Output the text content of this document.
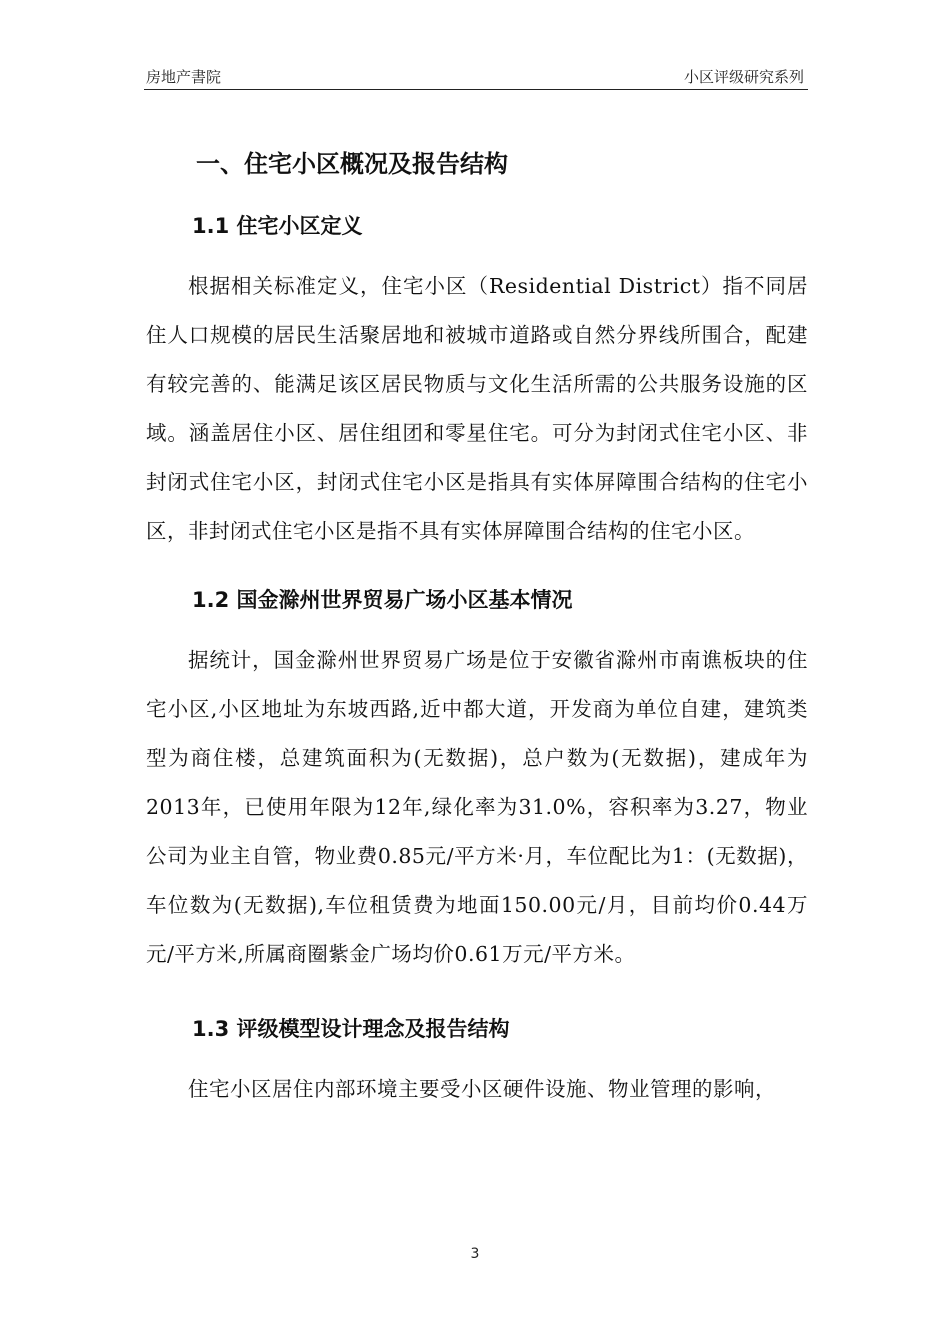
房地产書院	小区评级研究系列
一、住宅小区概况及报告结构
1.1 住宅小区定义

根据相关标准定义，住宅小区（Residential District）指不同居住人口规模的居民生活聚居地和被城市道路或自然分界线所围合，配建有较完善的、能满足该区居民物质与文化生活所需的公共服务设施的区域。涵盖居住小区、居住组团和零星住宅。可分为封闭式住宅小区、非封闭式住宅小区，封闭式住宅小区是指具有实体屏障围合结构的住宅小区，非封闭式住宅小区是指不具有实体屏障围合结构的住宅小区。

1.2 国金滁州世界贸易广场小区基本情况

据统计，国金滁州世界贸易广场是位于安徽省滁州市南谯板块的住宅小区,小区地址为东坡西路,近中都大道，开发商为单位自建，建筑类型为商住楼，总建筑面积为(无数据)，总户数为(无数据)，建成年为2013年，已使用年限为12年,绿化率为31.0%，容积率为3.27，物业公司为业主自管，物业费0.85元/平方米·月，车位配比为1：(无数据)，车位数为(无数据),车位租赁费为地面150.00元/月，目前均价0.44万元/平方米,所属商圈紫金广场均价0.61万元/平方米。

1.3 评级模型设计理念及报告结构

住宅小区居住内部环境主要受小区硬件设施、物业管理的影响，

3
